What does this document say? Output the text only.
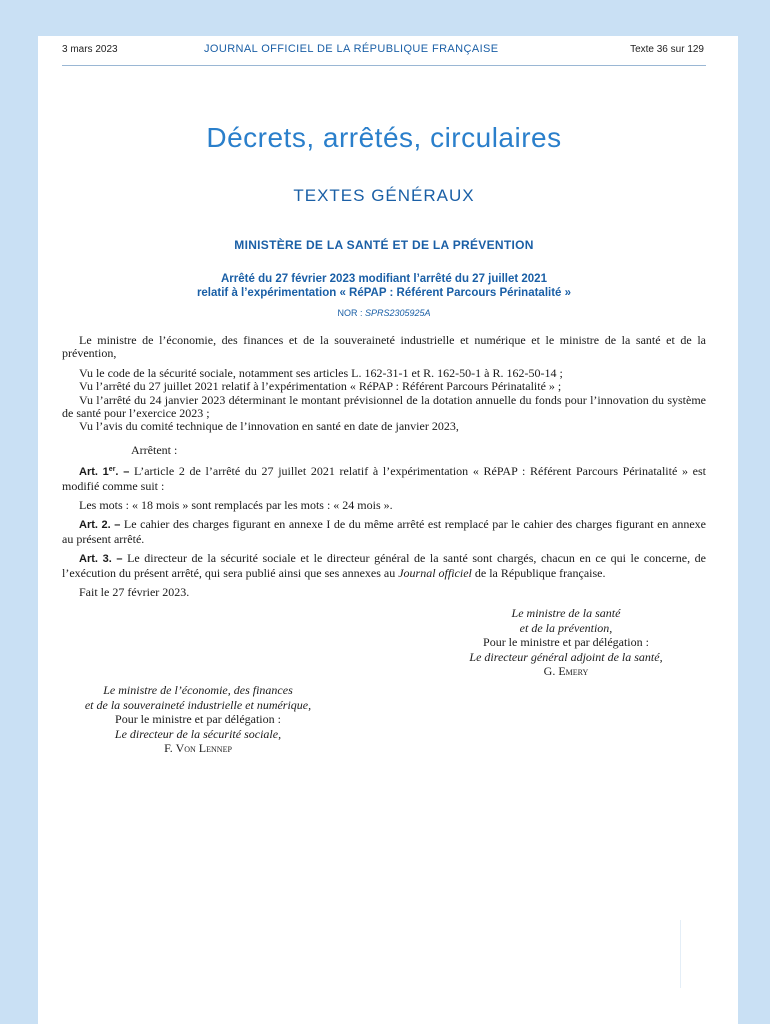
3 mars 2023	JOURNAL OFFICIEL DE LA RÉPUBLIQUE FRANÇAISE	Texte 36 sur 129
Décrets, arrêtés, circulaires
TEXTES GÉNÉRAUX
MINISTÈRE DE LA SANTÉ ET DE LA PRÉVENTION
Arrêté du 27 février 2023 modifiant l’arrêté du 27 juillet 2021
relatif à l’expérimentation « RéPAP : Référent Parcours Périnatalité »
NOR : SPRS2305925A

Le ministre de l’économie, des finances et de la souveraineté industrielle et numérique et le ministre de la santé et de la prévention,

Vu le code de la sécurité sociale, notamment ses articles L. 162-31-1 et R. 162-50-1 à R. 162-50-14 ;

Vu l’arrêté du 27 juillet 2021 relatif à l’expérimentation « RéPAP : Référent Parcours Périnatalité » ;

Vu l’arrêté du 24 janvier 2023 déterminant le montant prévisionnel de la dotation annuelle du fonds pour l’innovation du système de santé pour l’exercice 2023 ;

Vu l’avis du comité technique de l’innovation en santé en date de janvier 2023,

Arrêtent :

Art. 1er. – L’article 2 de l’arrêté du 27 juillet 2021 relatif à l’expérimentation « RéPAP : Référent Parcours Périnatalité » est modifié comme suit :

Les mots : « 18 mois » sont remplacés par les mots : « 24 mois ».

Art. 2. – Le cahier des charges figurant en annexe I de du même arrêté est remplacé par le cahier des charges figurant en annexe au présent arrêté.

Art. 3. – Le directeur de la sécurité sociale et le directeur général de la santé sont chargés, chacun en ce qui le concerne, de l’exécution du présent arrêté, qui sera publié ainsi que ses annexes au Journal officiel de la République française.

Fait le 27 février 2023.

Le ministre de la santé
et de la prévention,
Pour le ministre et par délégation :
Le directeur général adjoint de la santé,
G. Emery
Le ministre de l’économie, des finances
et de la souveraineté industrielle et numérique,
Pour le ministre et par délégation :
Le directeur de la sécurité sociale,
F. Von Lennep
